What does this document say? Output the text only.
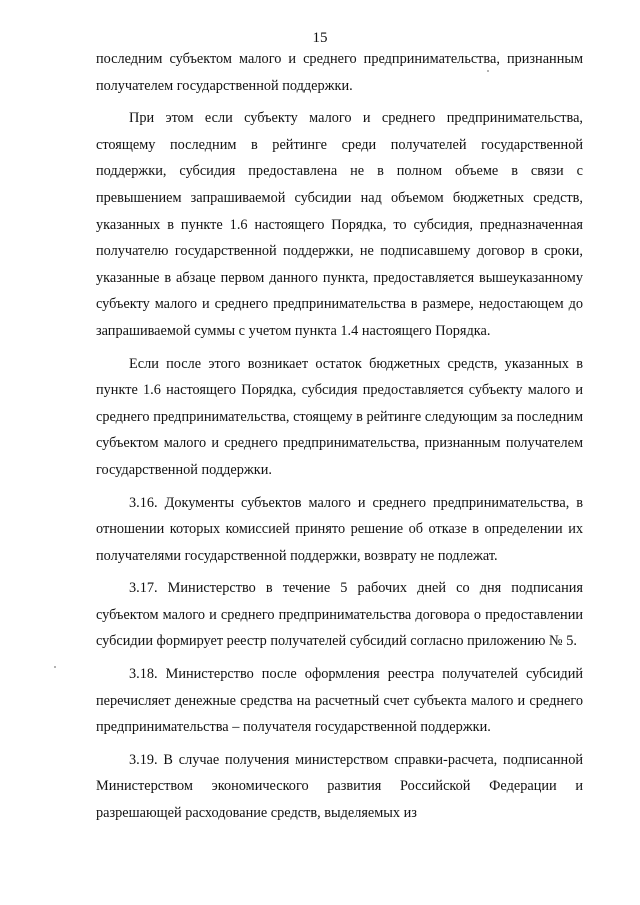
15

последним субъектом малого и среднего предпринимательства, признанным получателем государственной поддержки.

При этом если субъекту малого и среднего предпринимательства, стоящему последним в рейтинге среди получателей государственной поддержки, субсидия предоставлена не в полном объеме в связи с превышением запрашиваемой субсидии над объемом бюджетных средств, указанных в пункте 1.6 настоящего Порядка, то субсидия, предназначенная получателю государственной поддержки, не подписавшему договор в сроки, указанные в абзаце первом данного пункта, предоставляется вышеуказанному субъекту малого и среднего предпринимательства в размере, недостающем до запрашиваемой суммы с учетом пункта 1.4 настоящего Порядка.

Если после этого возникает остаток бюджетных средств, указанных в пункте 1.6 настоящего Порядка, субсидия предоставляется субъекту малого и среднего предпринимательства, стоящему в рейтинге следующим за последним субъектом малого и среднего предпринимательства, признанным получателем государственной поддержки.

3.16. Документы субъектов малого и среднего предпринимательства, в отношении которых комиссией принято решение об отказе в определении их получателями государственной поддержки, возврату не подлежат.

3.17. Министерство в течение 5 рабочих дней со дня подписания субъектом малого и среднего предпринимательства договора о предоставлении субсидии формирует реестр получателей субсидий согласно приложению № 5.

3.18. Министерство после оформления реестра получателей субсидий перечисляет денежные средства на расчетный счет субъекта малого и среднего предпринимательства – получателя государственной поддержки.

3.19. В случае получения министерством справки-расчета, подписанной Министерством экономического развития Российской Федерации и разрешающей расходование средств, выделяемых из
